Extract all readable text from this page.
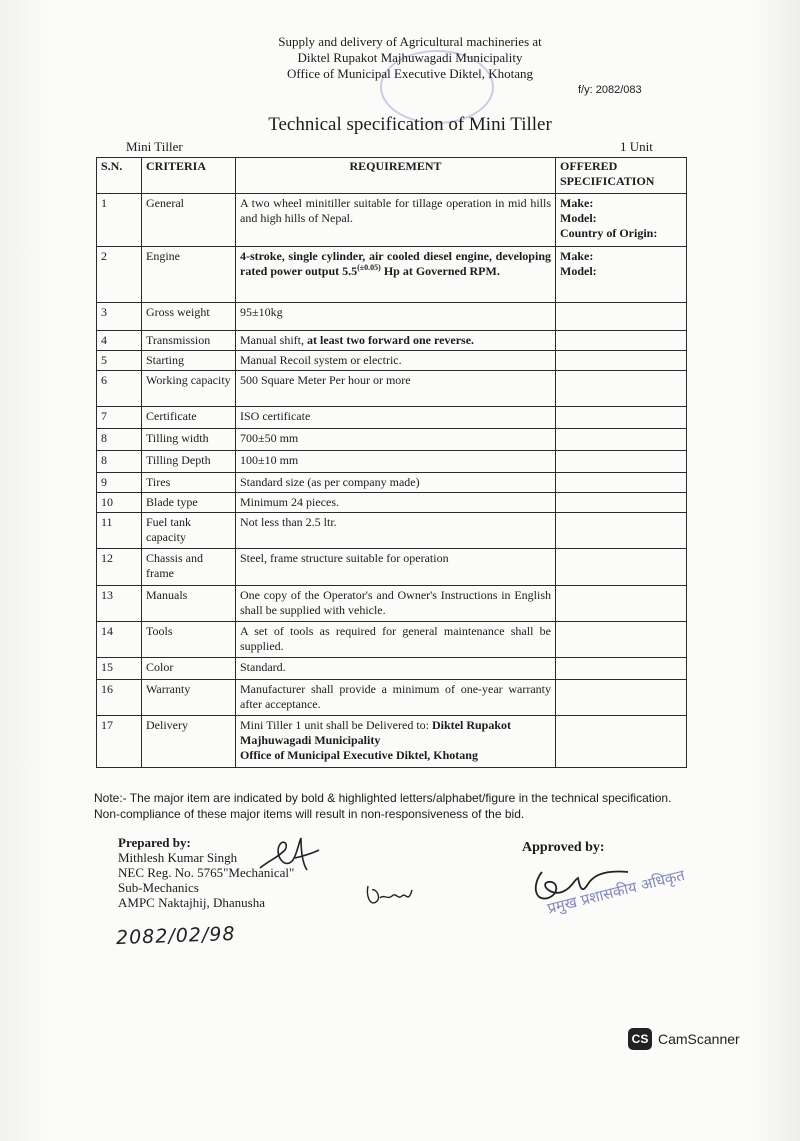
Supply and delivery of Agricultural machineries at
Diktel Rupakot Majhuwagadi Municipality
Office of Municipal Executive Diktel, Khotang
f/y: 2082/083
Technical specification of Mini Tiller
Mini Tiller	1 Unit
S.N.	CRITERIA	REQUIREMENT	OFFERED SPECIFICATION
1	General	A two wheel minitiller suitable for tillage operation in mid hills and high hills of Nepal.	Make:
Model:
Country of Origin:

2	Engine	4-stroke, single cylinder, air cooled diesel engine, developing rated power output $5.5^{(\pm 0.05)}$ Hp at Governed RPM.	Make:
Model:

3	Gross weight	95±10kg	
4	Transmission	Manual shift, at least two forward one reverse.	
5	Starting	Manual Recoil system or electric.	
6	Working capacity	500 Square Meter Per hour or more	
7	Certificate	ISO certificate	
8	Tilling width	700±50 mm	
8	Tilling Depth	100±10 mm	
9	Tires	Standard size (as per company made)	
10	Blade type	Minimum 24 pieces.	
11	Fuel tank capacity	Not less than 2.5 ltr.	
12	Chassis and frame	Steel, frame structure suitable for operation	
13	Manuals	One copy of the Operator's and Owner's Instructions in English shall be supplied with vehicle.	
14	Tools	A set of tools as required for general maintenance shall be supplied.	
15	Color	Standard.	
16	Warranty	Manufacturer shall provide a minimum of one-year warranty after acceptance.	
17	Delivery	Mini Tiller 1 unit shall be Delivered to: Diktel Rupakot Majhuwagadi Municipality
Office of Municipal Executive Diktel, Khotang	
Note:- The major item are indicated by bold & highlighted letters/alphabet/figure in the technical specification. Non-compliance of these major items will result in non-responsiveness of the bid.
Prepared by:
Mithlesh Kumar Singh
NEC Reg. No. 5765"Mechanical"
Sub-Mechanics
AMPC Naktajhij, Dhanusha
2082/02/98
Approved by:
प्रमुख प्रशासकीय अधिकृत
CS CamScanner
